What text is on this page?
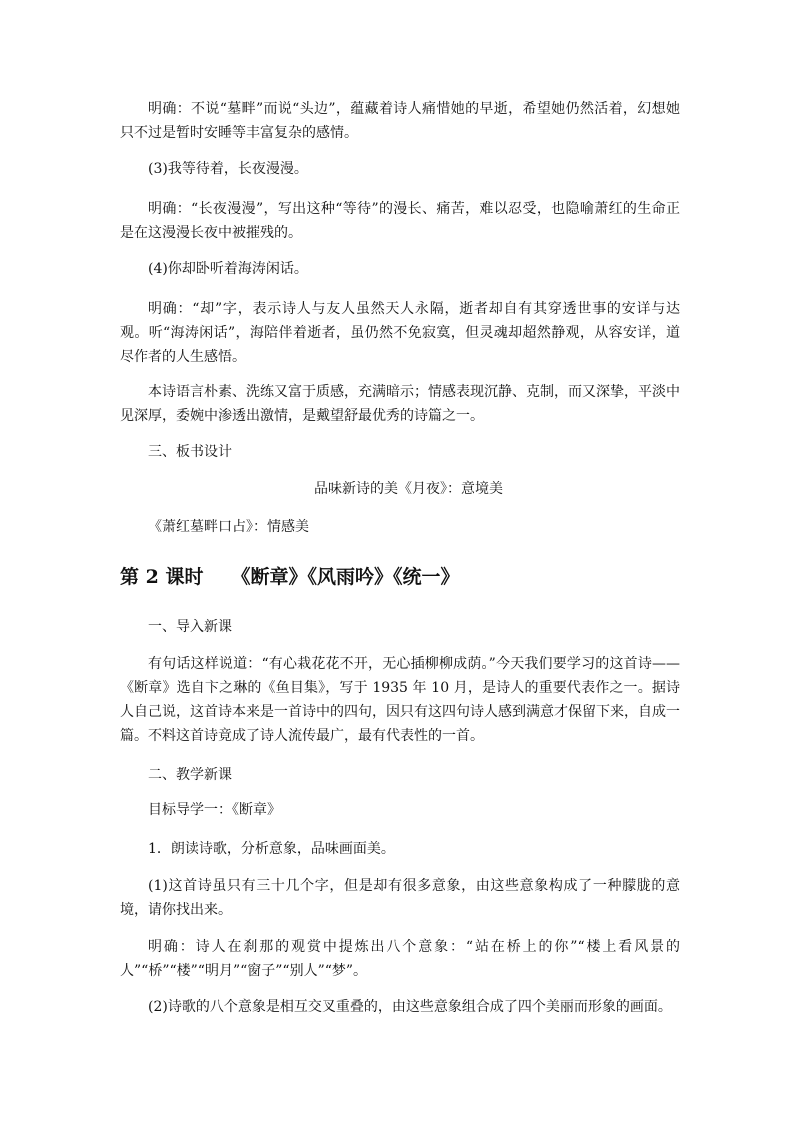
明确：不说“墓畔”而说“头边”，蕴藏着诗人痛惜她的早逝，希望她仍然活着，幻想她只不过是暂时安睡等丰富复杂的感情。

(3)我等待着，长夜漫漫。

明确：“长夜漫漫”，写出这种“等待”的漫长、痛苦，难以忍受，也隐喻萧红的生命正是在这漫漫长夜中被摧残的。

(4)你却卧听着海涛闲话。

明确：“却”字，表示诗人与友人虽然天人永隔，逝者却自有其穿透世事的安详与达观。听“海涛闲话”，海陪伴着逝者，虽仍然不免寂寞，但灵魂却超然静观，从容安详，道尽作者的人生感悟。

本诗语言朴素、洗练又富于质感，充满暗示；情感表现沉静、克制，而又深挚，平淡中见深厚，委婉中渗透出激情，是戴望舒最优秀的诗篇之一。

三、板书设计

品味新诗的美《月夜》：意境美

《萧红墓畔口占》：情感美

第 2 课时 《断章》《风雨吟》《统一》

一、导入新课

有句话这样说道：“有心栽花花不开，无心插柳柳成荫。”今天我们要学习的这首诗——《断章》选自卞之琳的《鱼目集》，写于 1935 年 10 月，是诗人的重要代表作之一。据诗人自己说，这首诗本来是一首诗中的四句，因只有这四句诗人感到满意才保留下来，自成一篇。不料这首诗竟成了诗人流传最广，最有代表性的一首。

二、教学新课

目标导学一：《断章》

1．朗读诗歌，分析意象，品味画面美。

(1)这首诗虽只有三十几个字，但是却有很多意象，由这些意象构成了一种朦胧的意境，请你找出来。

明确：诗人在刹那的观赏中提炼出八个意象：“站在桥上的你”“楼上看风景的人”“桥”“楼”“明月”“窗子”“别人”“梦”。

(2)诗歌的八个意象是相互交叉重叠的，由这些意象组合成了四个美丽而形象的画面。
